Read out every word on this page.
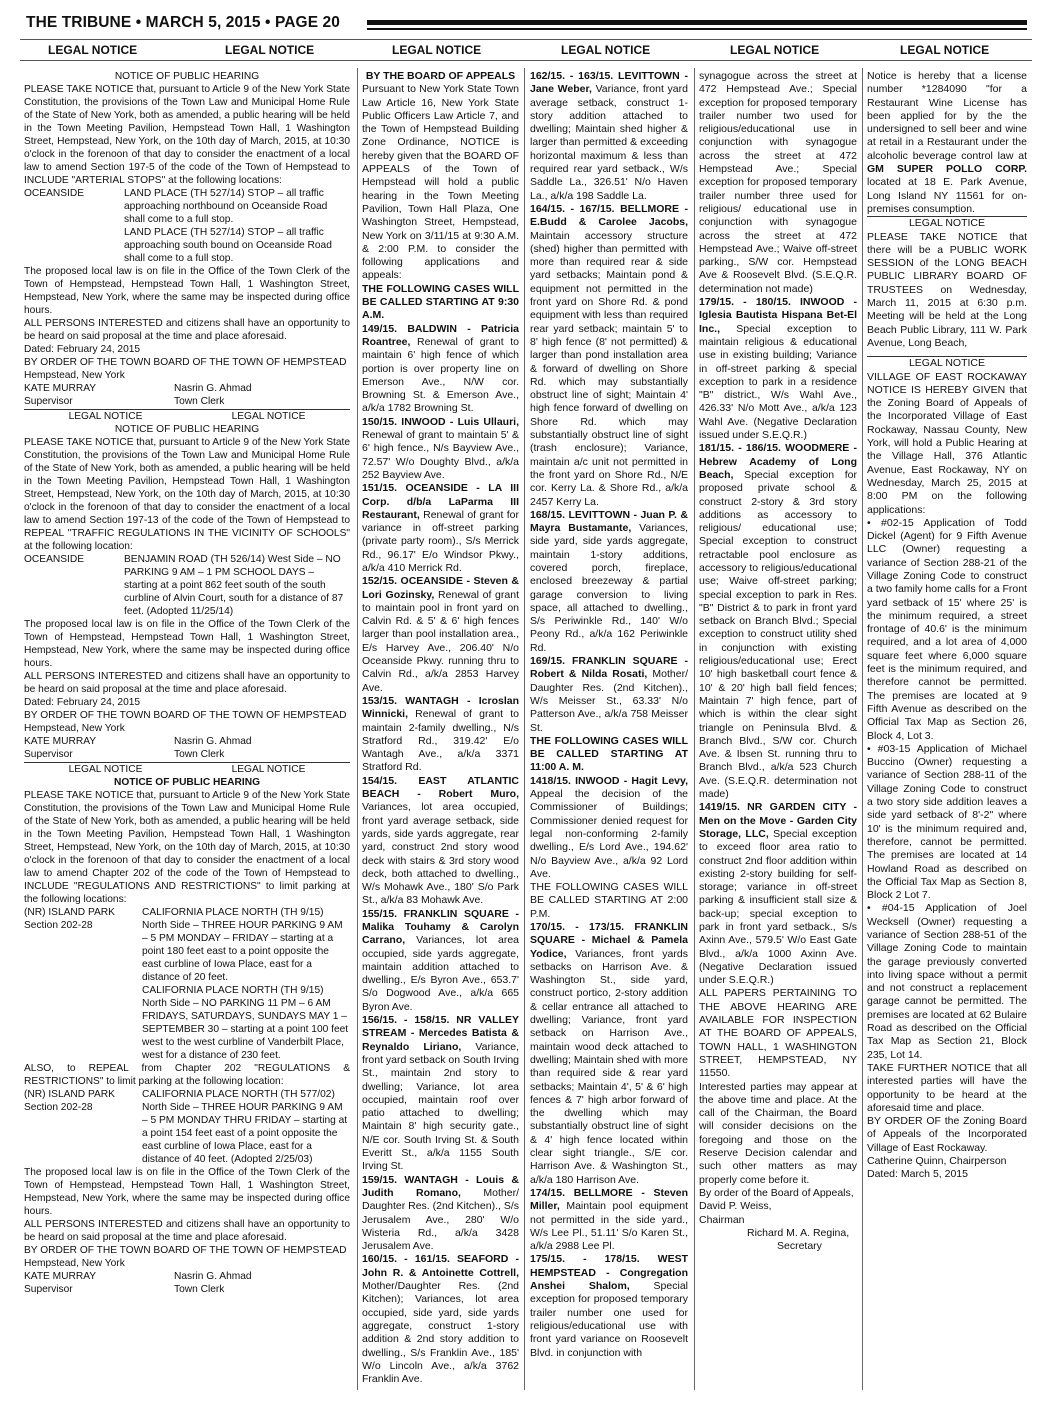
THE TRIBUNE • MARCH 5, 2015 • PAGE 20
LEGAL NOTICE	LEGAL NOTICE	LEGAL NOTICE	LEGAL NOTICE	LEGAL NOTICE	LEGAL NOTICE

NOTICE OF PUBLIC HEARING

PLEASE TAKE NOTICE that, pursuant to Article 9 of the New York State Constitution, the provisions of the Town Law and Municipal Home Rule of the State of New York, both as amended, a public hearing will be held in the Town Meeting Pavilion, Hempstead Town Hall, 1 Washington Street, Hempstead, New York, on the 10th day of March, 2015, at 10:30 o'clock in the forenoon of that day to consider the enactment of a local law to amend Section 197-5 of the code of the Town of Hempstead to INCLUDE "ARTERIAL STOPS" at the following locations:

OCEANSIDE	LAND PLACE (TH 527/14) STOP – all traffic approaching northbound on Oceanside Road shall come to a full stop.
LAND PLACE (TH 527/14) STOP – all traffic approaching south bound on Oceanside Road shall come to a full stop.

The proposed local law is on file in the Office of the Town Clerk of the Town of Hempstead, Hempstead Town Hall, 1 Washington Street, Hempstead, New York, where the same may be inspected during office hours.

ALL PERSONS INTERESTED and citizens shall have an opportunity to be heard on said proposal at the time and place aforesaid.

Dated: February 24, 2015

BY ORDER OF THE TOWN BOARD OF THE TOWN OF HEMPSTEAD

Hempstead, New York

KATE MURRAY	Nasrin G. Ahmad
Supervisor	Town Clerk
LEGAL NOTICE	LEGAL NOTICE

NOTICE OF PUBLIC HEARING

PLEASE TAKE NOTICE that, pursuant to Article 9 of the New York State Constitution, the provisions of the Town Law and Municipal Home Rule of the State of New York, both as amended, a public hearing will be held in the Town Meeting Pavilion, Hempstead Town Hall, 1 Washington Street, Hempstead, New York, on the 10th day of March, 2015, at 10:30 o'clock in the forenoon of that day to consider the enactment of a local law to amend Section 197-13 of the code of the Town of Hempstead to REPEAL "TRAFFIC REGULATIONS IN THE VICINITY OF SCHOOLS" at the following location:

OCEANSIDE	BENJAMIN ROAD (TH 526/14) West Side – NO PARKING 9 AM – 1 PM SCHOOL DAYS – starting at a point 862 feet south of the south curbline of Alvin Court, south for a distance of 87 feet. (Adopted 11/25/14)

The proposed local law is on file in the Office of the Town Clerk of the Town of Hempstead, Hempstead Town Hall, 1 Washington Street, Hempstead, New York, where the same may be inspected during office hours.

ALL PERSONS INTERESTED and citizens shall have an opportunity to be heard on said proposal at the time and place aforesaid.

Dated: February 24, 2015

BY ORDER OF THE TOWN BOARD OF THE TOWN OF HEMPSTEAD

Hempstead, New York

KATE MURRAY	Nasrin G. Ahmad
Supervisor	Town Clerk
LEGAL NOTICE	LEGAL NOTICE

NOTICE OF PUBLIC HEARING

PLEASE TAKE NOTICE that, pursuant to Article 9 of the New York State Constitution, the provisions of the Town Law and Municipal Home Rule of the State of New York, both as amended, a public hearing will be held in the Town Meeting Pavilion, Hempstead Town Hall, 1 Washington Street, Hempstead, New York, on the 10th day of March, 2015, at 10:30 o'clock in the forenoon of that day to consider the enactment of a local law to amend Chapter 202 of the code of the Town of Hempstead to INCLUDE "REGULATIONS AND RESTRICTIONS" to limit parking at the following locations:

(NR) ISLAND PARK Section 202-28
CALIFORNIA PLACE NORTH (TH 9/15) North Side – THREE HOUR PARKING 9 AM – 5 PM MONDAY – FRIDAY – starting at a point 180 feet east to a point opposite the east curbline of Iowa Place, east for a distance of 20 feet.
CALIFORNIA PLACE NORTH (TH 9/15) North Side – NO PARKING 11 PM – 6 AM FRIDAYS, SATURDAYS, SUNDAYS MAY 1 – SEPTEMBER 30 – starting at a point 100 feet west to the west curbline of Vanderbilt Place, west for a distance of 230 feet.

ALSO, to REPEAL from Chapter 202 "REGULATIONS & RESTRICTIONS" to limit parking at the following location:

(NR) ISLAND PARK Section 202-28
CALIFORNIA PLACE NORTH (TH 577/02) North Side – THREE HOUR PARKING 9 AM – 5 PM MONDAY THRU FRIDAY – starting at a point 154 feet east of a point opposite the east curbline of Iowa Place, east for a distance of 40 feet. (Adopted 2/25/03)

The proposed local law is on file in the Office of the Town Clerk of the Town of Hempstead, Hempstead Town Hall, 1 Washington Street, Hempstead, New York, where the same may be inspected during office hours.

ALL PERSONS INTERESTED and citizens shall have an opportunity to be heard on said proposal at the time and place aforesaid.

BY ORDER OF THE TOWN BOARD OF THE TOWN OF HEMPSTEAD

Hempstead, New York

KATE MURRAY	Nasrin G. Ahmad
Supervisor	Town Clerk

BY THE BOARD OF APPEALS

Pursuant to New York State Town Law Article 16, New York State Public Officers Law Article 7, and the Town of Hempstead Building Zone Ordinance, NOTICE is hereby given that the BOARD OF APPEALS of the Town of Hempstead will hold a public hearing in the Town Meeting Pavilion, Town Hall Plaza, One Washington Street, Hempstead, New York on 3/11/15 at 9:30 A.M. & 2:00 P.M. to consider the following applications and appeals:

THE FOLLOWING CASES WILL BE CALLED STARTING AT 9:30 A.M.

149/15. BALDWIN - Patricia Roantree, Renewal of grant to maintain 6' high fence of which portion is over property line on Emerson Ave., N/W cor. Browning St. & Emerson Ave., a/k/a 1782 Browning St.

150/15. INWOOD - Luis Ullauri, Renewal of grant to maintain 5' & 6' high fence., N/s Bayview Ave., 72.57' W/o Doughty Blvd., a/k/a 252 Bayview Ave.

151/15. OCEANSIDE - LA III Corp. d/b/a LaParma III Restaurant, Renewal of grant for variance in off-street parking (private party room)., S/s Merrick Rd., 96.17' E/o Windsor Pkwy., a/k/a 410 Merrick Rd.

152/15. OCEANSIDE - Steven & Lori Gozinsky, Renewal of grant to maintain pool in front yard on Calvin Rd. & 5' & 6' high fences larger than pool installation area., E/s Harvey Ave., 206.40' N/o Oceanside Pkwy. running thru to Calvin Rd., a/k/a 2853 Harvey Ave.

153/15. WANTAGH - Icroslan Winnicki, Renewal of grant to maintain 2-family dwelling., N/s Stratford Rd., 319.42' E/o Wantagh Ave., a/k/a 3371 Stratford Rd.

154/15. EAST ATLANTIC BEACH - Robert Muro, Variances, lot area occupied, front yard average setback, side yards, side yards aggregate, rear yard, construct 2nd story wood deck with stairs & 3rd story wood deck, both attached to dwelling., W/s Mohawk Ave., 180' S/o Park St., a/k/a 83 Mohawk Ave.

155/15. FRANKLIN SQUARE - Malika Touhamy & Carolyn Carrano, Variances, lot area occupied, side yards aggregate, maintain addition attached to dwelling., E/s Byron Ave., 653.7' S/o Dogwood Ave., a/k/a 665 Byron Ave.

156/15. - 158/15. NR VALLEY STREAM - Mercedes Batista & Reynaldo Liriano, Variance, front yard setback on South Irving St., maintain 2nd story to dwelling; Variance, lot area occupied, maintain roof over patio attached to dwelling; Maintain 8' high security gate., N/E cor. South Irving St. & South Everitt St., a/k/a 1155 South Irving St.

159/15. WANTAGH - Louis & Judith Romano, Mother/ Daughter Res. (2nd Kitchen)., S/s Jerusalem Ave., 280' W/o Wisteria Rd., a/k/a 3428 Jerusalem Ave.

160/15. - 161/15. SEAFORD - John R. & Antoinette Cottrell, Mother/Daughter Res. (2nd Kitchen); Variances, lot area occupied, side yard, side yards aggregate, construct 1-story addition & 2nd story addition to dwelling., S/s Franklin Ave., 185' W/o Lincoln Ave., a/k/a 3762 Franklin Ave.

162/15. - 163/15. LEVITTOWN - Jane Weber, Variance, front yard average setback, construct 1-story addition attached to dwelling; Maintain shed higher & larger than permitted & exceeding horizontal maximum & less than required rear yard setback., W/s Saddle La., 326.51' N/o Haven La., a/k/a 198 Saddle La.

164/15. - 167/15. BELLMORE - E.Budd & Carolee Jacobs, Maintain accessory structure (shed) higher than permitted with more than required rear & side yard setbacks; Maintain pond & equipment not permitted in the front yard on Shore Rd. & pond equipment with less than required rear yard setback; maintain 5' to 8' high fence (8' not permitted) & larger than pond installation area & forward of dwelling on Shore Rd. which may substantially obstruct line of sight; Maintain 4' high fence forward of dwelling on Shore Rd. which may substantially obstruct line of sight (trash enclosure); Variance, maintain a/c unit not permitted in the front yard on Shore Rd., N/E cor. Kerry La. & Shore Rd., a/k/a 2457 Kerry La.

168/15. LEVITTOWN - Juan P. & Mayra Bustamante, Variances, side yard, side yards aggregate, maintain 1-story additions, covered porch, fireplace, enclosed breezeway & partial garage conversion to living space, all attached to dwelling., S/s Periwinkle Rd., 140' W/o Peony Rd., a/k/a 162 Periwinkle Rd.

169/15. FRANKLIN SQUARE - Robert & Nilda Rosati, Mother/ Daughter Res. (2nd Kitchen)., W/s Meisser St., 63.33' N/o Patterson Ave., a/k/a 758 Meisser St.

THE FOLLOWING CASES WILL BE CALLED STARTING AT 11:00 A. M.

1418/15. INWOOD - Hagit Levy, Appeal the decision of the Commissioner of Buildings; Commissioner denied request for legal non-conforming 2-family dwelling., E/s Lord Ave., 194.62' N/o Bayview Ave., a/k/a 92 Lord Ave.

THE FOLLOWING CASES WILL BE CALLED STARTING AT 2:00 P.M.

170/15. - 173/15. FRANKLIN SQUARE - Michael & Pamela Yodice, Variances, front yards setbacks on Harrison Ave. & Washington St., side yard, construct portico, 2-story addition & cellar entrance all attached to dwelling; Variance, front yard setback on Harrison Ave., maintain wood deck attached to dwelling; Maintain shed with more than required side & rear yard setbacks; Maintain 4', 5' & 6' high fences & 7' high arbor forward of the dwelling which may substantially obstruct line of sight & 4' high fence located within clear sight triangle., S/E cor. Harrison Ave. & Washington St., a/k/a 180 Harrison Ave.

174/15. BELLMORE - Steven Miller, Maintain pool equipment not permitted in the side yard., W/s Lee Pl., 51.11' S/o Karen St., a/k/a 2988 Lee Pl.

175/15. - 178/15. WEST HEMPSTEAD - Congregation Anshei Shalom, Special exception for proposed temporary trailer number one used for religious/educational use with front yard variance on Roosevelt Blvd. in conjunction with

synagogue across the street at 472 Hempstead Ave.; Special exception for proposed temporary trailer number two used for religious/educational use in conjunction with synagogue across the street at 472 Hempstead Ave.; Special exception for proposed temporary trailer number three used for religious/ educational use in conjunction with synagogue across the street at 472 Hempstead Ave.; Waive off-street parking., S/W cor. Hempstead Ave & Roosevelt Blvd. (S.E.Q.R. determination not made)

179/15. - 180/15. INWOOD - Iglesia Bautista Hispana Bet-El Inc., Special exception to maintain religious & educational use in existing building; Variance in off-street parking & special exception to park in a residence "B" district., W/s Wahl Ave., 426.33' N/o Mott Ave., a/k/a 123 Wahl Ave. (Negative Declaration issued under S.E.Q.R.)

181/15. - 186/15. WOODMERE - Hebrew Academy of Long Beach, Special exception for proposed private school & construct 2-story & 3rd story additions as accessory to religious/ educational use; Special exception to construct retractable pool enclosure as accessory to religious/educational use; Waive off-street parking; special exception to park in Res. "B" District & to park in front yard setback on Branch Blvd.; Special exception to construct utility shed in conjunction with existing religious/educational use; Erect 10' high basketball court fence & 10' & 20' high ball field fences; Maintain 7' high fence, part of which is within the clear sight triangle on Peninsula Blvd. & Branch Blvd., S/W cor. Church Ave. & Ibsen St. running thru to Branch Blvd., a/k/a 523 Church Ave. (S.E.Q.R. determination not made)

1419/15. NR GARDEN CITY - Men on the Move - Garden City Storage, LLC, Special exception to exceed floor area ratio to construct 2nd floor addition within existing 2-story building for self-storage; variance in off-street parking & insufficient stall size & back-up; special exception to park in front yard setback., S/s Axinn Ave., 579.5' W/o East Gate Blvd., a/k/a 1000 Axinn Ave. (Negative Declaration issued under S.E.Q.R.)

ALL PAPERS PERTAINING TO THE ABOVE HEARING ARE AVAILABLE FOR INSPECTION AT THE BOARD OF APPEALS, TOWN HALL, 1 WASHINGTON STREET, HEMPSTEAD, NY 11550.

Interested parties may appear at the above time and place. At the call of the Chairman, the Board will consider decisions on the foregoing and those on the Reserve Decision calendar and such other matters as may properly come before it.

By order of the Board of Appeals,

David P. Weiss,

Chairman

Richard M. A. Regina,

Secretary

Notice is hereby that a license number *1284090 "for a Restaurant Wine License has been applied for by the the undersigned to sell beer and wine at retail in a Restaurant under the alcoholic beverage control law at GM SUPER POLLO CORP. located at 18 E. Park Avenue, Long Island NY 11561 for on-premises consumption.

LEGAL NOTICE

PLEASE TAKE NOTICE that there will be a PUBLIC WORK SESSION of the LONG BEACH PUBLIC LIBRARY BOARD OF TRUSTEES on Wednesday, March 11, 2015 at 6:30 p.m. Meeting will be held at the Long Beach Public Library, 111 W. Park Avenue, Long Beach,

LEGAL NOTICE

VILLAGE OF EAST ROCKAWAY NOTICE IS HEREBY GIVEN that the Zoning Board of Appeals of the Incorporated Village of East Rockaway, Nassau County, New York, will hold a Public Hearing at the Village Hall, 376 Atlantic Avenue, East Rockaway, NY on Wednesday, March 25, 2015 at 8:00 PM on the following applications:

• #02-15 Application of Todd Dickel (Agent) for 9 Fifth Avenue LLC (Owner) requesting a variance of Section 288-21 of the Village Zoning Code to construct a two family home calls for a Front yard setback of 15' where 25' is the minimum required, a street frontage of 40.6' is the minimum required, and a lot area of 4,000 square feet where 6,000 square feet is the minimum required, and therefore cannot be permitted. The premises are located at 9 Fifth Avenue as described on the Official Tax Map as Section 26, Block 4, Lot 3.

• #03-15 Application of Michael Buccino (Owner) requesting a variance of Section 288-11 of the Village Zoning Code to construct a two story side addition leaves a side yard setback of 8'-2" where 10' is the minimum required and, therefore, cannot be permitted. The premises are located at 14 Howland Road as described on the Official Tax Map as Section 8, Block 2 Lot 7.

• #04-15 Application of Joel Wecksell (Owner) requesting a variance of Section 288-51 of the Village Zoning Code to maintain the garage previously converted into living space without a permit and not construct a replacement garage cannot be permitted. The premises are located at 62 Bulaire Road as described on the Official Tax Map as Section 21, Block 235, Lot 14.

TAKE FURTHER NOTICE that all interested parties will have the opportunity to be heard at the aforesaid time and place.

BY ORDER OF the Zoning Board of Appeals of the Incorporated Village of East Rockaway.

Catherine Quinn, Chairperson

Dated: March 5, 2015
